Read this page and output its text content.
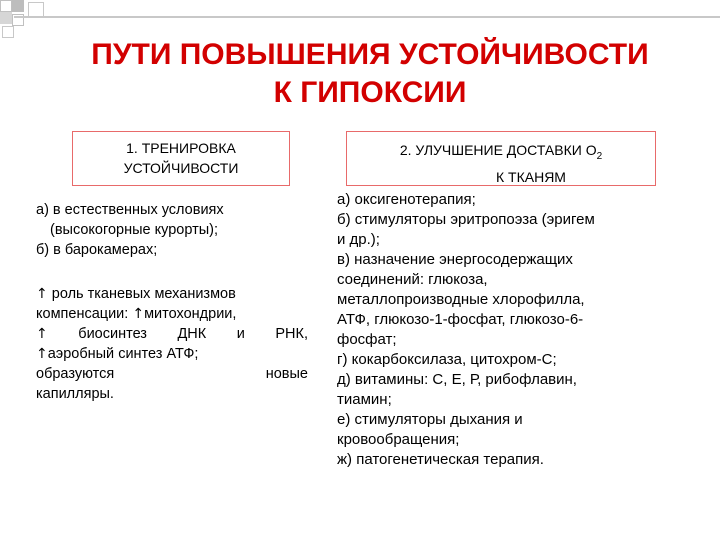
ПУТИ ПОВЫШЕНИЯ УСТОЙЧИВОСТИ
К ГИПОКСИИ
1. ТРЕНИРОВКА
УСТОЙЧИВОСТИ
2. УЛУЧШЕНИЕ ДОСТАВКИ $О_2$
К ТКАНЯМ

а) в естественных условиях

(высокогорные курорты);

б) в барокамерах;

↑ роль тканевых механизмов

компенсации: ↑митохондрии,

↑ биосинтез ДНК и РНК,

↑аэробный синтез АТФ;

образуются новые

капилляры.

а) оксигенотерапия;

б) стимуляторы эритропоэза (эригем

и др.);

в) назначение энергосодержащих

соединений: глюкоза,

металлопроизводные хлорофилла,

АТФ, глюкозо-1-фосфат, глюкозо-6-

фосфат;

г) кокарбоксилаза, цитохром-С;

д) витамины: С, Е, Р, рибофлавин,

тиамин;

е) стимуляторы дыхания и

кровообращения;

ж) патогенетическая терапия.
